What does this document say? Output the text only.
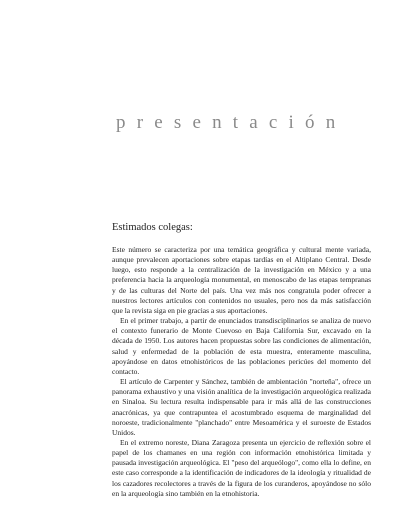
presentación

Estimados colegas:

Este número se caracteriza por una temática geográfica y cultural mente variada, aunque prevalecen aportaciones sobre etapas tardías en el Altiplano Central. Desde luego, esto responde a la centralización de la investigación en México y a una preferencia hacia la arqueología monumental, en menoscabo de las etapas tempranas y de las culturas del Norte del país. Una vez más nos congratula poder ofrecer a nuestros lectores artículos con contenidos no usuales, pero nos da más satisfacción que la revista siga en pie gracias a sus aportaciones.

En el primer trabajo, a partir de enunciados transdisciplinarios se analiza de nuevo el contexto funerario de Monte Cuevoso en Baja California Sur, excavado en la década de 1950. Los autores hacen propuestas sobre las condiciones de alimentación, salud y enfermedad de la población de esta muestra, enteramente masculina, apoyándose en datos etnohistóricos de las poblaciones pericúes del momento del contacto.

El artículo de Carpenter y Sánchez, también de ambientación "norteña", ofrece un panorama exhaustivo y una visión analítica de la investigación arqueológica realizada en Sinaloa. Su lectura resulta indispensable para ir más allá de las construcciones anacrónicas, ya que contrapuntea el acostumbrado esquema de marginalidad del noroeste, tradicionalmente "planchado" entre Mesoamérica y el suroeste de Estados Unidos.

En el extremo noreste, Diana Zaragoza presenta un ejercicio de reflexión sobre el papel de los chamanes en una región con información etnohistórica limitada y pausada investigación arqueológica. El "peso del arqueólogo", como ella lo define, en este caso corresponde a la identificación de indicadores de la ideología y ritualidad de los cazadores recolectores a través de la figura de los curanderos, apoyándose no sólo en la arqueología sino también en la etnohistoria.
